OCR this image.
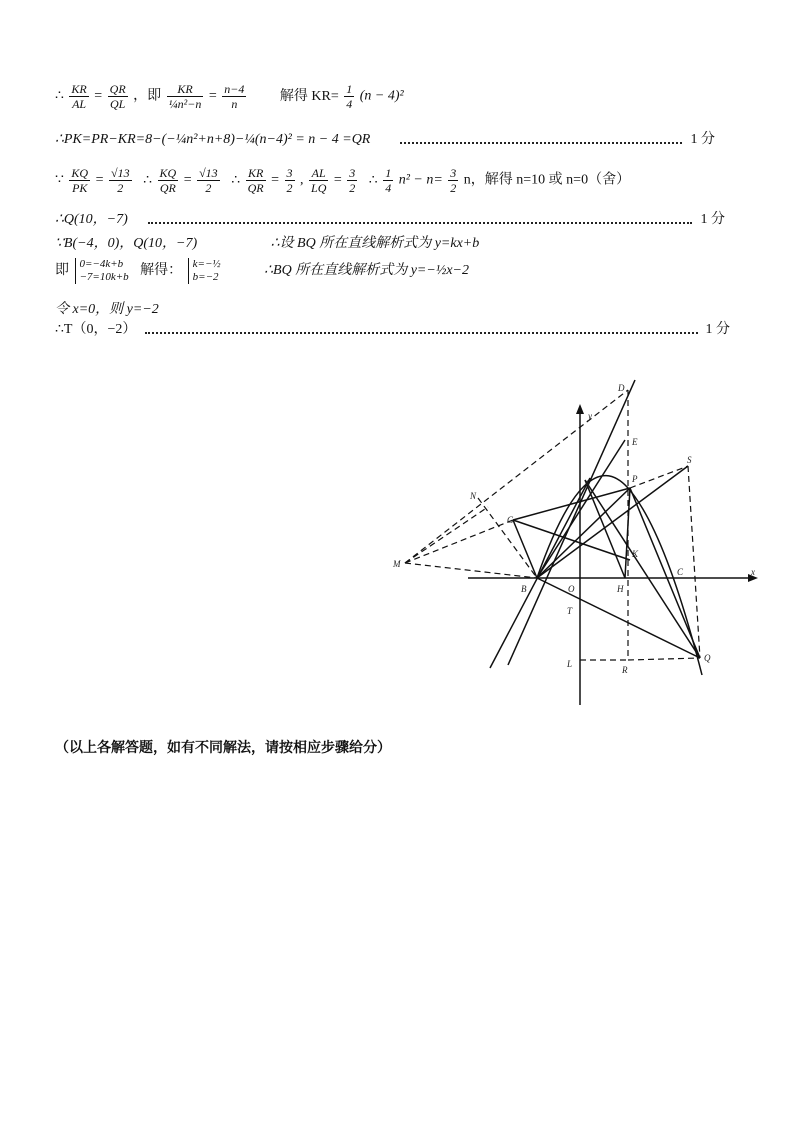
∴ $\frac{KR}{AL} = \frac{QR}{QL}$ ，即 $\frac{KR}{\text{¼n²−n}} = \frac{n-4}{n}$ 解得 $KR= \frac{1}{4} (n - 4)^2$
∴PK=PR−KR=8−(−¼n²+n+8)−¼(n−4)² = n − 4 =QR	1 分
∵ $\frac{KQ}{PK} = \frac{√13}{2}$ ∴ $\frac{KQ}{QR} = \frac{√13}{2}$ ∴ $\frac{KR}{QR} = \frac{3}{2}$ , $\frac{AL}{LQ} = \frac{3}{2}$ ∴ $\frac{1}{4} n^2 - n= \frac{3}{2}$ n，解得 n=10 或 n=0（舍）
∴Q(10，−7)	1 分
∵B(−4，0)，Q(10，−7)	∴设 BQ 所在直线解析式为 y=kx+b
即 0=−4k+b
−7=10k+b 解得： k=−½
b=−2	∴BQ 所在直线解析式为 y=−½x−2
令 x=0，则 y=−2
∴T（0，−2）	1 分
D
E
y
S
A	P
N
G
M
K
O	H
C	x
B
T
L
R
Q
（以上各解答题，如有不同解法，请按相应步骤给分）
